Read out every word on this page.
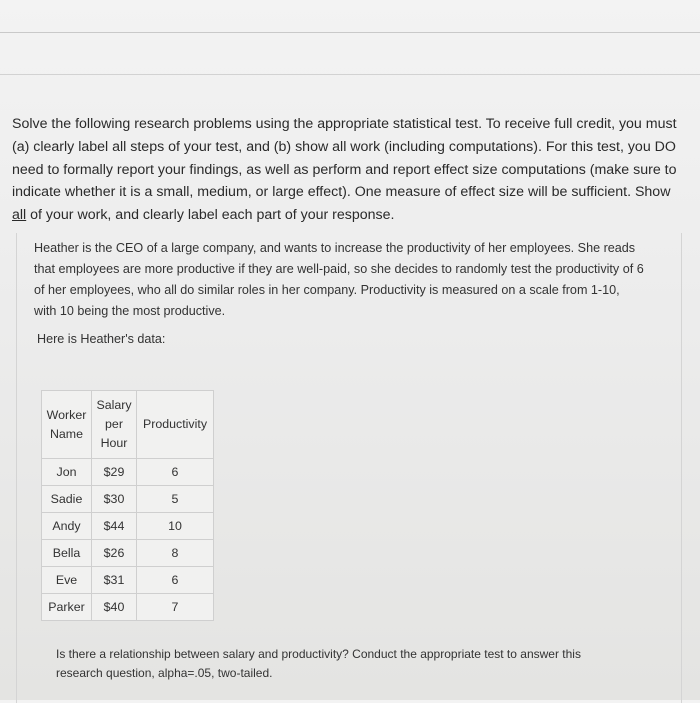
Solve the following research problems using the appropriate statistical test. To receive full credit, you must (a) clearly label all steps of your test, and (b) show all work (including computations). For this test, you DO need to formally report your findings, as well as perform and report effect size computations (make sure to indicate whether it is a small, medium, or large effect). One measure of effect size will be sufficient. Show all of your work, and clearly label each part of your response.
Heather is the CEO of a large company, and wants to increase the productivity of her employees. She reads that employees are more productive if they are well-paid, so she decides to randomly test the productivity of 6 of her employees, who all do similar roles in her company. Productivity is measured on a scale from 1-10, with 10 being the most productive.
Here is Heather's data:
Worker Name	Salary per Hour	Productivity
Jon	$29	6
Sadie	$30	5
Andy	$44	10
Bella	$26	8
Eve	$31	6
Parker	$40	7
Is there a relationship between salary and productivity? Conduct the appropriate test to answer this research question, alpha=.05, two-tailed.
